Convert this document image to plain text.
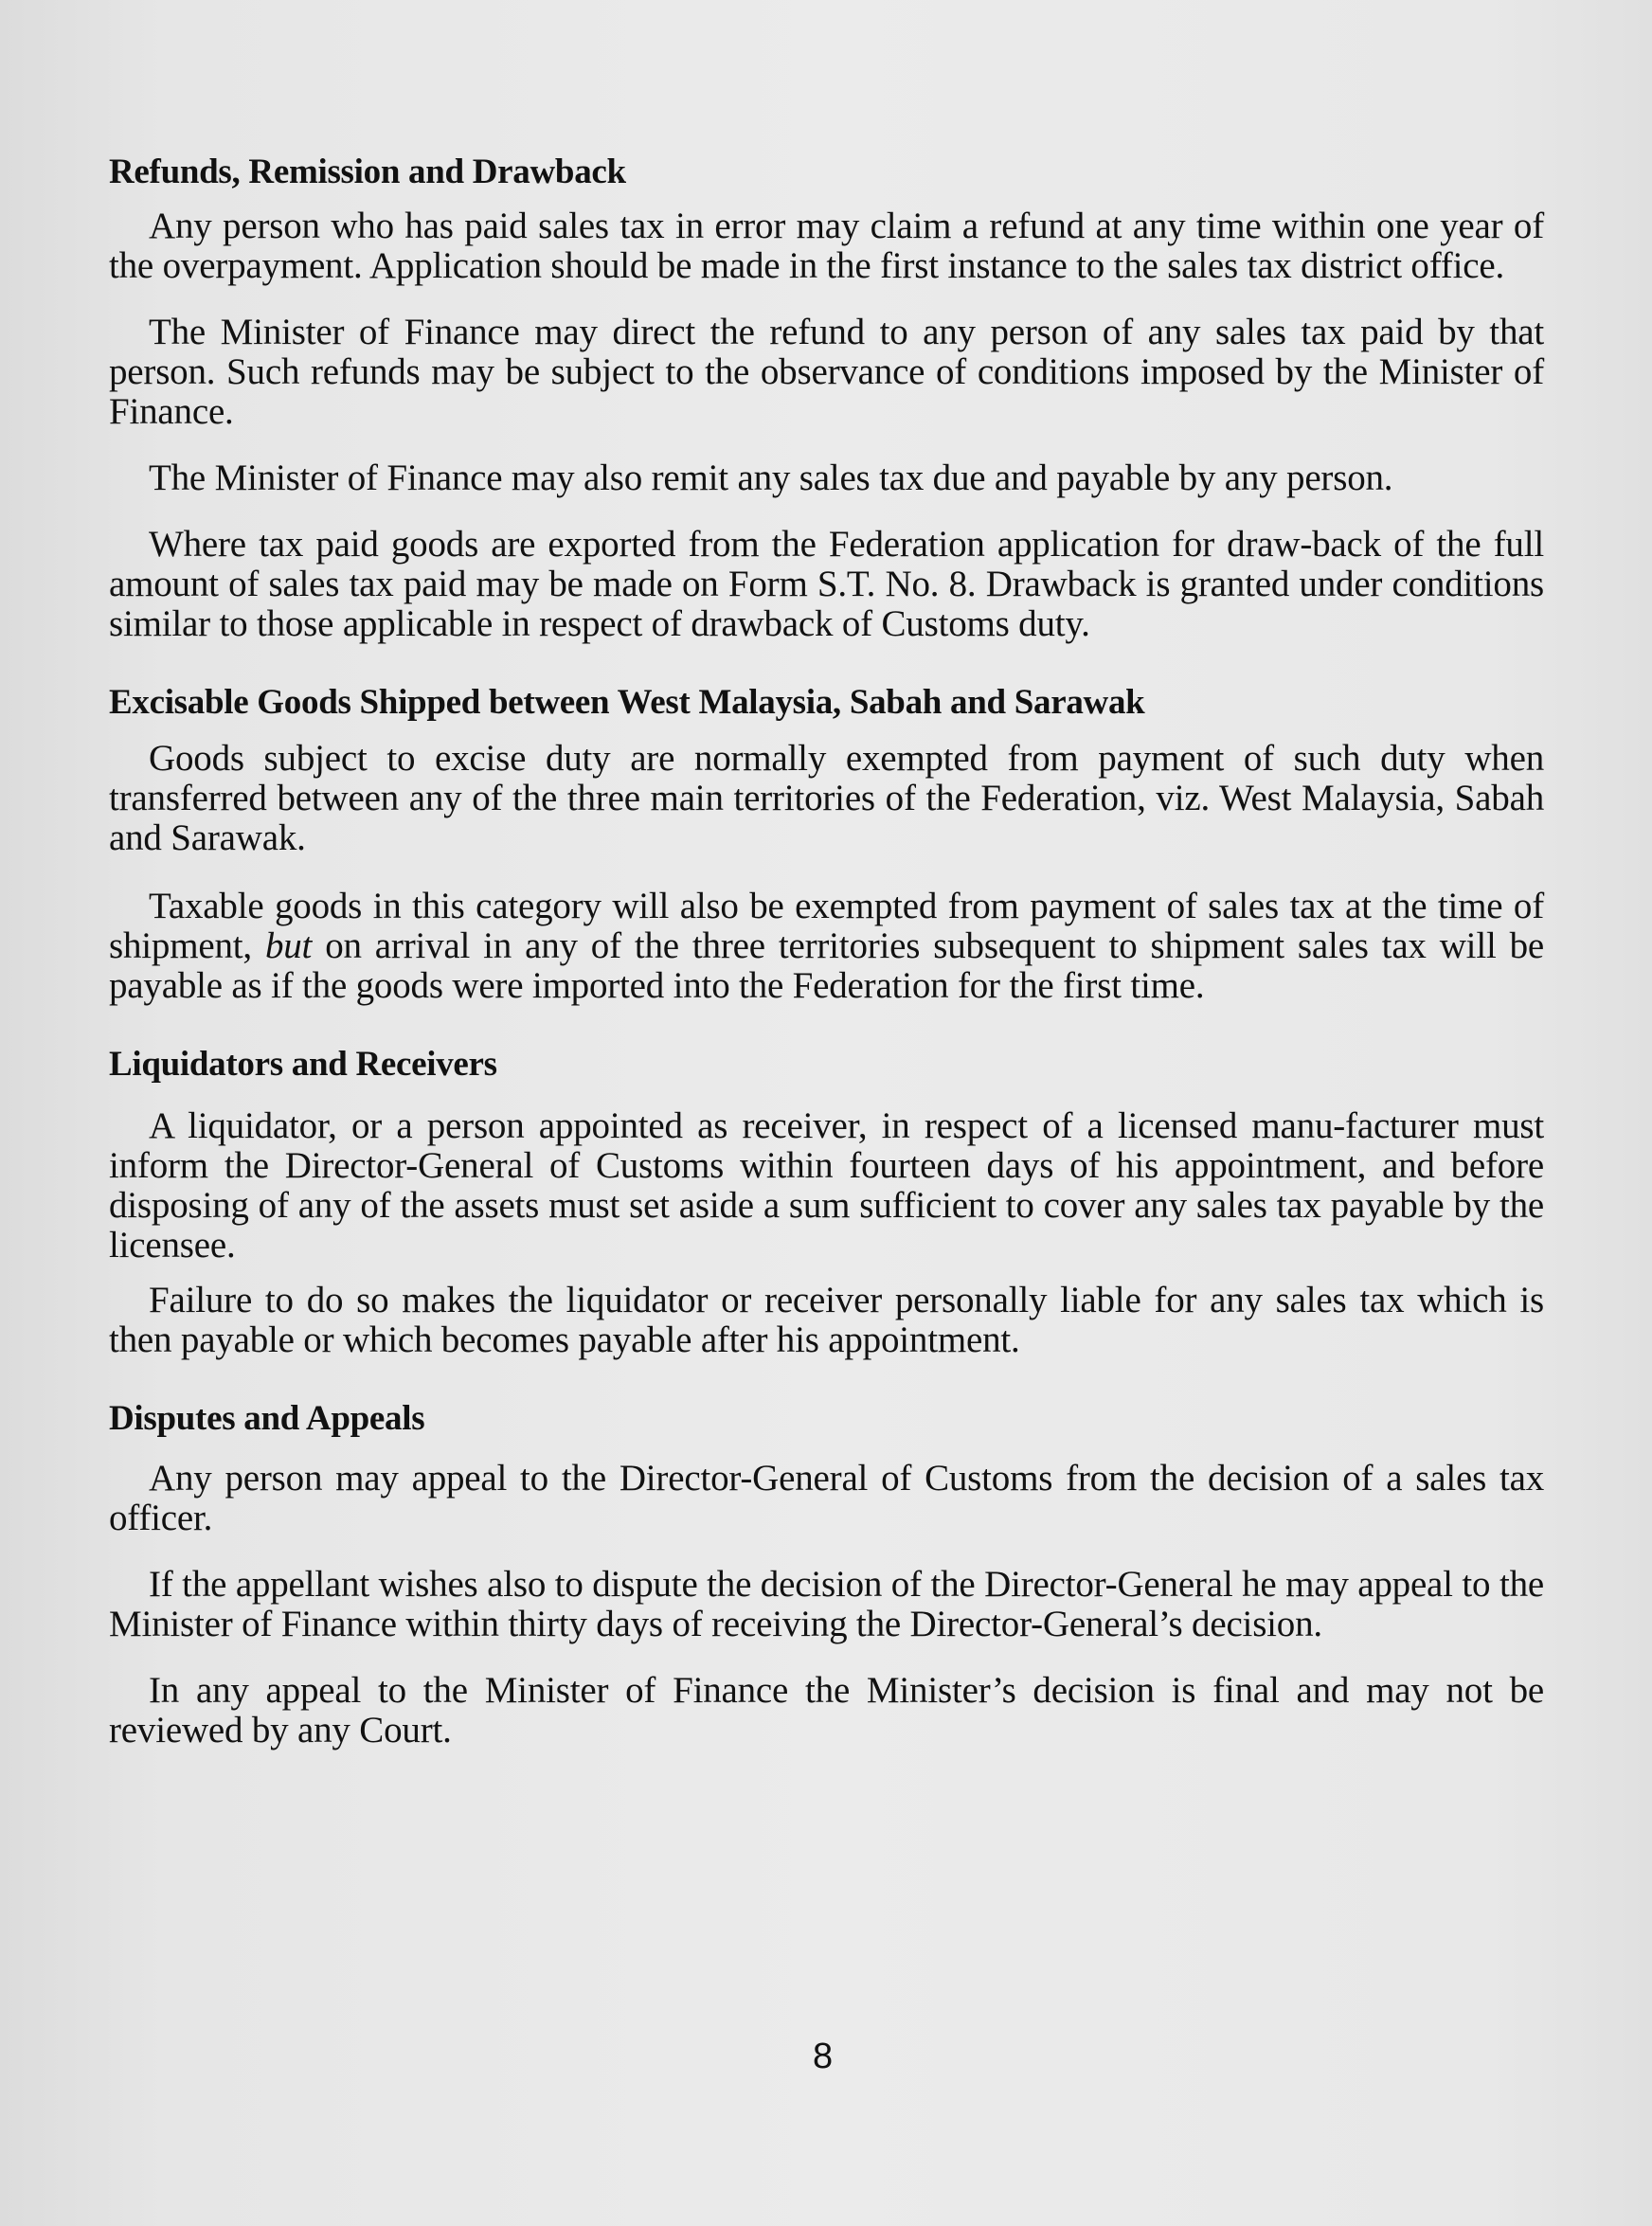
Refunds, Remission and Drawback

Any person who has paid sales tax in error may claim a refund at any time within one year of the overpayment. Application should be made in the first instance to the sales tax district office.

The Minister of Finance may direct the refund to any person of any sales tax paid by that person. Such refunds may be subject to the observance of conditions imposed by the Minister of Finance.

The Minister of Finance may also remit any sales tax due and payable by any person.

Where tax paid goods are exported from the Federation application for draw-back of the full amount of sales tax paid may be made on Form S.T. No. 8. Drawback is granted under conditions similar to those applicable in respect of drawback of Customs duty.

Excisable Goods Shipped between West Malaysia, Sabah and Sarawak

Goods subject to excise duty are normally exempted from payment of such duty when transferred between any of the three main territories of the Federation, viz. West Malaysia, Sabah and Sarawak.

Taxable goods in this category will also be exempted from payment of sales tax at the time of shipment, but on arrival in any of the three territories subsequent to shipment sales tax will be payable as if the goods were imported into the Federation for the first time.

Liquidators and Receivers

A liquidator, or a person appointed as receiver, in respect of a licensed manu-facturer must inform the Director-General of Customs within fourteen days of his appointment, and before disposing of any of the assets must set aside a sum sufficient to cover any sales tax payable by the licensee.

Failure to do so makes the liquidator or receiver personally liable for any sales tax which is then payable or which becomes payable after his appointment.

Disputes and Appeals

Any person may appeal to the Director-General of Customs from the decision of a sales tax officer.

If the appellant wishes also to dispute the decision of the Director-General he may appeal to the Minister of Finance within thirty days of receiving the Director-General’s decision.

In any appeal to the Minister of Finance the Minister’s decision is final and may not be reviewed by any Court.

8
